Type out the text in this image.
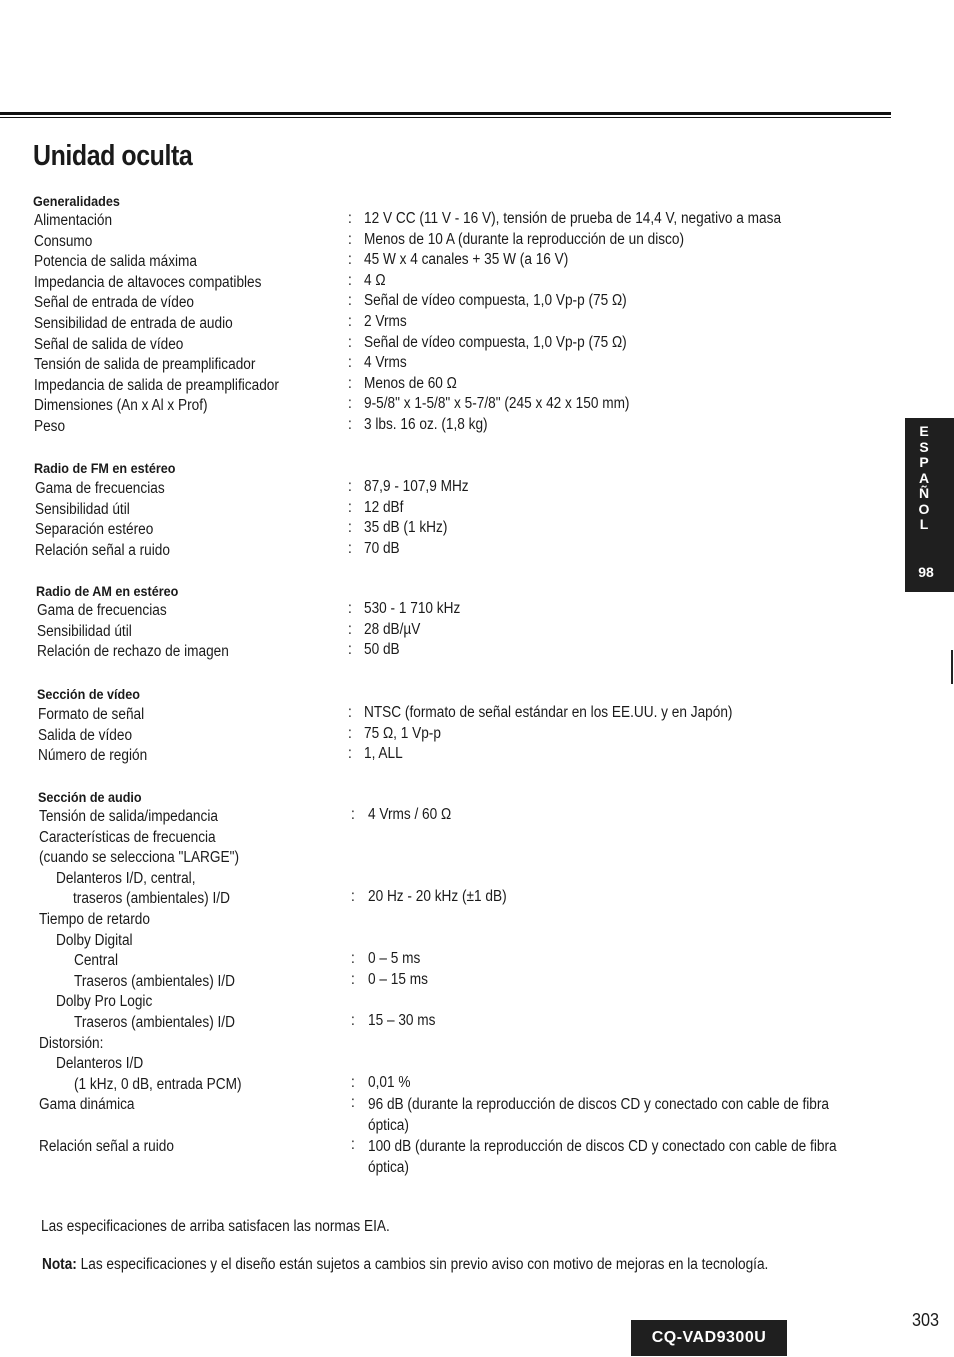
Unidad oculta
Generalidades
Alimentación	: 12 V CC (11 V - 16 V), tensión de prueba de 14,4 V, negativo a masa
Consumo	: Menos de 10 A (durante la reproducción de un disco)
Potencia de salida máxima	: 45 W x 4 canales + 35 W (a 16 V)
Impedancia de altavoces compatibles	: 4 Ω
Señal de entrada de vídeo	: Señal de vídeo compuesta, 1,0 Vp-p (75 Ω)
Sensibilidad de entrada de audio	: 2 Vrms
Señal de salida de vídeo	: Señal de vídeo compuesta, 1,0 Vp-p (75 Ω)
Tensión de salida de preamplificador	: 4 Vrms
Impedancia de salida de preamplificador	: Menos de 60 Ω
Dimensiones (An x Al x Prof)	: 9-5/8" x 1-5/8" x 5-7/8" (245 x 42 x 150 mm)
Peso	: 3 lbs. 16 oz. (1,8 kg)
Radio de FM en estéreo
Gama de frecuencias	: 87,9 - 107,9 MHz
Sensibilidad útil	: 12 dBf
Separación estéreo	: 35 dB (1 kHz)
Relación señal a ruido	: 70 dB
Radio de AM en estéreo
Gama de frecuencias	: 530 - 1 710 kHz
Sensibilidad útil	: 28 dB/µV
Relación de rechazo de imagen	: 50 dB
Sección de vídeo
Formato de señal	: NTSC (formato de señal estándar en los EE.UU. y en Japón)
Salida de vídeo	: 75 Ω, 1 Vp-p
Número de región	: 1, ALL
Sección de audio
Tensión de salida/impedancia	: 4 Vrms / 60 Ω
Características de frecuencia
(cuando se selecciona "LARGE")
Delanteros I/D, central,
traseros (ambientales) I/D	: 20 Hz - 20 kHz (±1 dB)
Tiempo de retardo
Dolby Digital
Central	: 0 – 5 ms
Traseros (ambientales) I/D	: 0 – 15 ms
Dolby Pro Logic
Traseros (ambientales) I/D	: 15 – 30 ms
Distorsión:
Delanteros I/D
(1 kHz, 0 dB, entrada PCM)	: 0,01 %
Gama dinámica	: 96 dB (durante la reproducción de discos CD y conectado con cable de fibra óptica)
Relación señal a ruido	: 100 dB (durante la reproducción de discos CD y conectado con cable de fibra óptica)
E
S
P
A
Ñ
O
L
98
Las especificaciones de arriba satisfacen las normas EIA.
Nota: Las especificaciones y el diseño están sujetos a cambios sin previo aviso con motivo de mejoras en la tecnología.
303
CQ-VAD9300U
